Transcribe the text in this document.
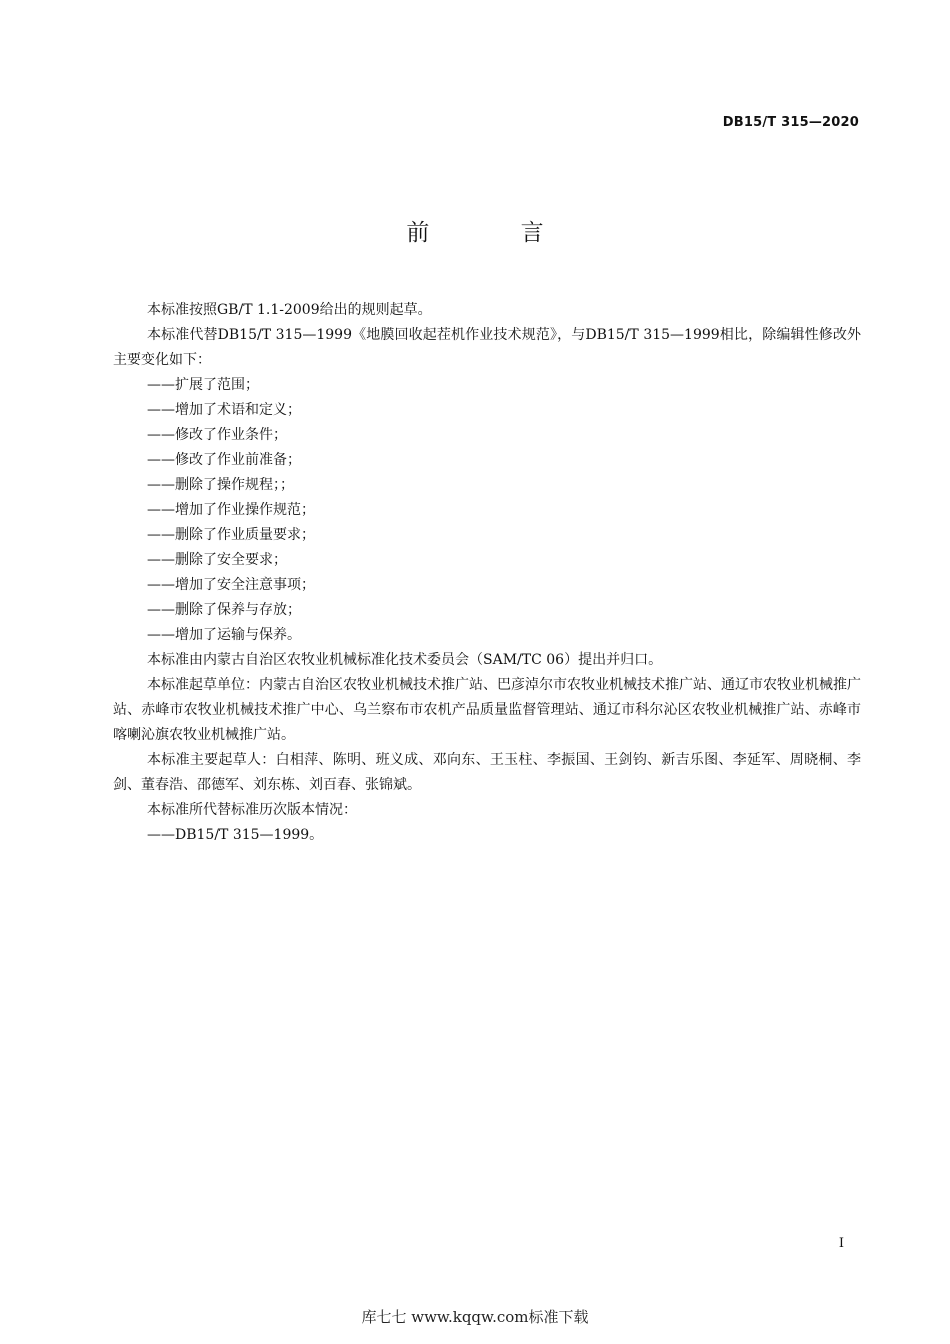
DB15/T 315—2020
前 言

本标准按照GB/T 1.1-2009给出的规则起草。

本标准代替DB15/T 315—1999《地膜回收起茬机作业技术规范》，与DB15/T 315—1999相比，除编辑性修改外主要变化如下：

——扩展了范围；

——增加了术语和定义；

——修改了作业条件；

——修改了作业前准备；

——删除了操作规程；；

——增加了作业操作规范；

——删除了作业质量要求；

——删除了安全要求；

——增加了安全注意事项；

——删除了保养与存放；

——增加了运输与保养。

本标准由内蒙古自治区农牧业机械标准化技术委员会（SAM/TC 06）提出并归口。

本标准起草单位：内蒙古自治区农牧业机械技术推广站、巴彦淖尔市农牧业机械技术推广站、通辽市农牧业机械推广站、赤峰市农牧业机械技术推广中心、乌兰察布市农机产品质量监督管理站、通辽市科尔沁区农牧业机械推广站、赤峰市喀喇沁旗农牧业机械推广站。

本标准主要起草人：白相萍、陈明、班义成、邓向东、王玉柱、李振国、王剑钧、新吉乐图、李延军、周晓桐、李剑、董春浩、邵德军、刘东栋、刘百春、张锦斌。

本标准所代替标准历次版本情况：

——DB15/T 315—1999。

I
库七七 www.kqqw.com标准下载
